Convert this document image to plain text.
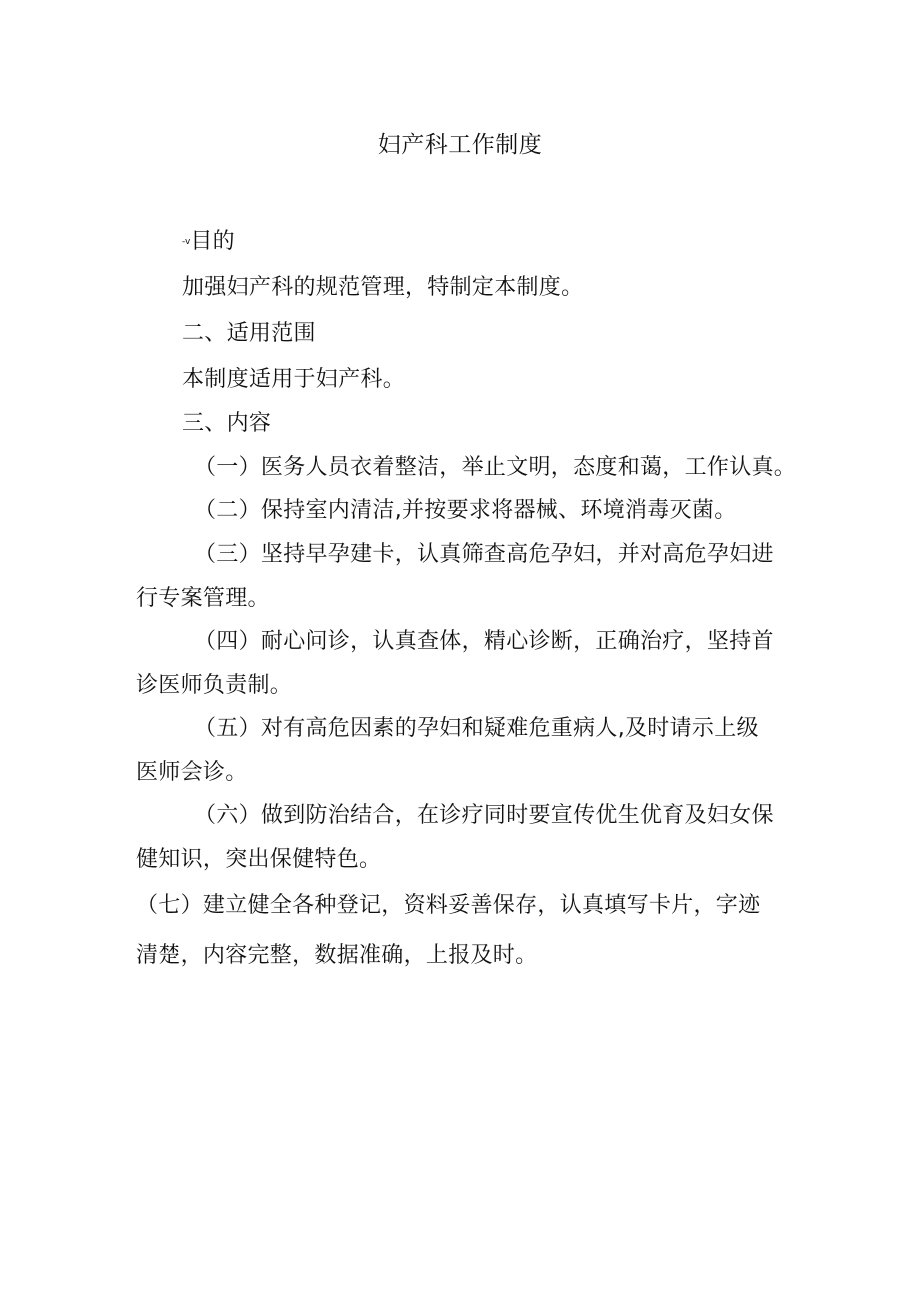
妇产科工作制度
-v目的
加强妇产科的规范管理，特制定本制度。
二、适用范围
本制度适用于妇产科。
三、内容
（一）医务人员衣着整洁，举止文明，态度和蔼，工作认真。
（二）保持室内清洁,并按要求将器械、环境消毒灭菌。
（三）坚持早孕建卡，认真筛查高危孕妇，并对高危孕妇进
行专案管理。
（四）耐心问诊，认真查体，精心诊断，正确治疗，坚持首
诊医师负责制。
（五）对有高危因素的孕妇和疑难危重病人,及时请示上级
医师会诊。
（六）做到防治结合，在诊疗同时要宣传优生优育及妇女保
健知识，突出保健特色。
（七）建立健全各种登记，资料妥善保存，认真填写卡片，字迹
清楚，内容完整，数据准确，上报及时。
